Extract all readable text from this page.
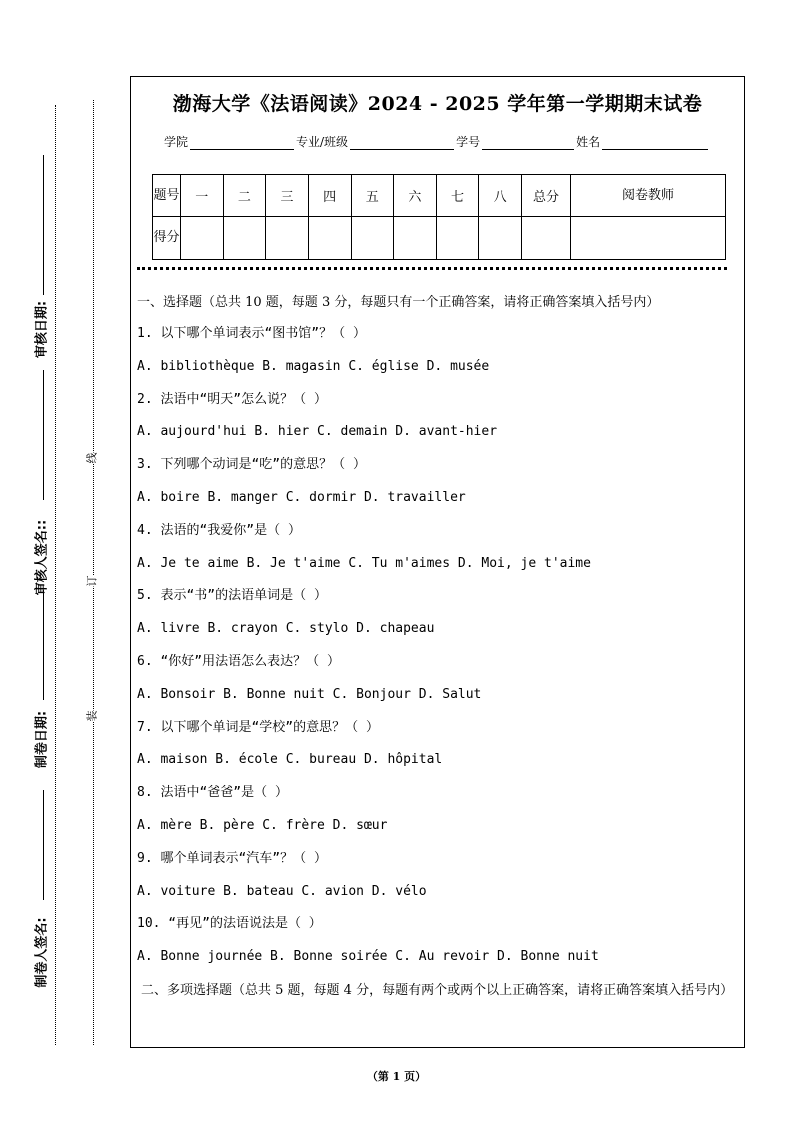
审核日期:
审核人签名::
制卷日期:
制卷人签名:
装
订
线
渤海大学《法语阅读》2024 - 2025 学年第一学期期末试卷
学院	专业/班级	学号	姓名
题号	一	二	三	四	五	六	七	八	总分	阅卷教师
得分										
一、选择题（总共 10 题，每题 3 分，每题只有一个正确答案，请将正确答案填入括号内）
1. 以下哪个单词表示“图书馆”？（ ）
A. bibliothèque B. magasin C. église D. musée
2. 法语中“明天”怎么说？（ ）
A. aujourd'hui B. hier C. demain D. avant-hier
3. 下列哪个动词是“吃”的意思？（ ）
A. boire B. manger C. dormir D. travailler
4. 法语的“我爱你”是（ ）
A. Je te aime B. Je t'aime C. Tu m'aimes D. Moi, je t'aime
5. 表示“书”的法语单词是（ ）
A. livre B. crayon C. stylo D. chapeau
6. “你好”用法语怎么表达？（ ）
A. Bonsoir B. Bonne nuit C. Bonjour D. Salut
7. 以下哪个单词是“学校”的意思？（ ）
A. maison B. école C. bureau D. hôpital
8. 法语中“爸爸”是（ ）
A. mère B. père C. frère D. sœur
9. 哪个单词表示“汽车”？（ ）
A. voiture B. bateau C. avion D. vélo
10. “再见”的法语说法是（ ）
A. Bonne journée B. Bonne soirée C. Au revoir D. Bonne nuit
二、多项选择题（总共 5 题，每题 4 分，每题有两个或两个以上正确答案，请将正确答案填入括号内）
（第 1 页）
